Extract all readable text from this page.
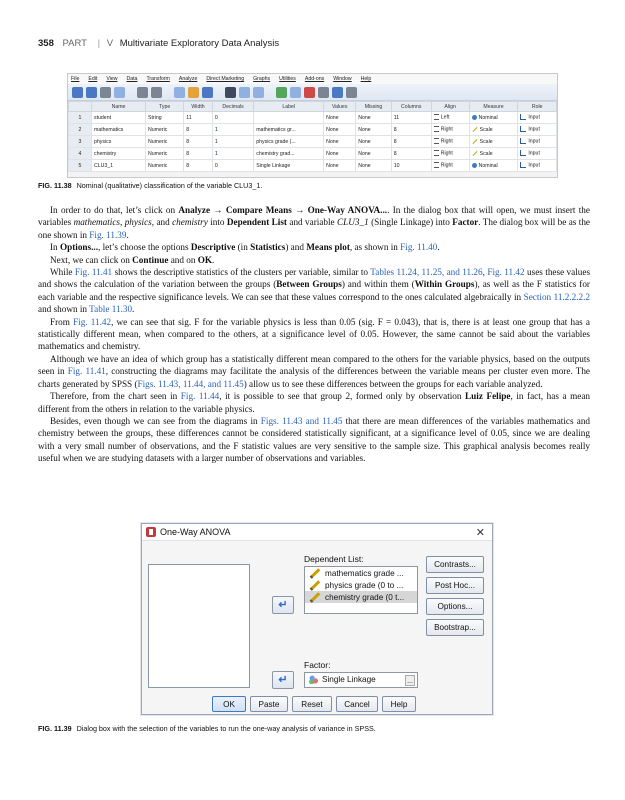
358 PART | V Multivariate Exploratory Data Analysis
File Edit View Data Transform Analyze Direct Marketing Graphs Utilities Add-ons Window Help
	Name	Type	Width	Decimals	Label	Values	Missing	Columns	Align	Measure	Role
1	student	String	11	0		None	None	11	Left	Nominal	Input
2	mathematics	Numeric	8	1	mathematics gr...	None	None	8	Right	Scale	Input
3	physics	Numeric	8	1	physics grade (...	None	None	8	Right	Scale	Input
4	chemistry	Numeric	8	1	chemistry grad...	None	None	8	Right	Scale	Input
5	CLU3_1	Numeric	8	0	Single Linkage	None	None	10	Right	Nominal	Input
FIG. 11.38 Nominal (qualitative) classification of the variable CLU3_1.

In order to do that, let’s click on Analyze → Compare Means → One-Way ANOVA.... In the dialog box that will open, we must insert the variables mathematics, physics, and chemistry into Dependent List and variable CLU3_1 (Single Linkage) into Factor. The dialog box will be as the one shown in Fig. 11.39.

In Options..., let’s choose the options Descriptive (in Statistics) and Means plot, as shown in Fig. 11.40.

Next, we can click on Continue and on OK.

While Fig. 11.41 shows the descriptive statistics of the clusters per variable, similar to Tables 11.24, 11.25, and 11.26, Fig. 11.42 uses these values and shows the calculation of the variation between the groups (Between Groups) and within them (Within Groups), as well as the F statistics for each variable and the respective significance levels. We can see that these values correspond to the ones calculated algebraically in Section 11.2.2.2.2 and shown in Table 11.30.

From Fig. 11.42, we can see that sig. F for the variable physics is less than 0.05 (sig. F = 0.043), that is, there is at least one group that has a statistically different mean, when compared to the others, at a significance level of 0.05. However, the same cannot be said about the variables mathematics and chemistry.

Although we have an idea of which group has a statistically different mean compared to the others for the variable physics, based on the outputs seen in Fig. 11.41, constructing the diagrams may facilitate the analysis of the differences between the variable means per cluster even more. The charts generated by SPSS (Figs. 11.43, 11.44, and 11.45) allow us to see these differences between the groups for each variable analyzed.

Therefore, from the chart seen in Fig. 11.44, it is possible to see that group 2, formed only by observation Luiz Felipe, in fact, has a mean different from the others in relation to the variable physics.

Besides, even though we can see from the diagrams in Figs. 11.43 and 11.45 that there are mean differences of the variables mathematics and chemistry between the groups, these differences cannot be considered statistically significant, at a significance level of 0.05, since we are dealing with a very small number of observations, and the F statistic values are very sensitive to the sample size. This graphical analysis becomes really useful when we are studying datasets with a larger number of observations and variables.

One-Way ANOVA	✕
Dependent List:
mathematics grade ...
physics grade (0 to ...
chemistry grade (0 t...
↵
Factor:
Single Linkage	...
↵
Contrasts...
Post Hoc...
Options...
Bootstrap...
OK	Paste	Reset	Cancel	Help
FIG. 11.39 Dialog box with the selection of the variables to run the one-way analysis of variance in SPSS.
